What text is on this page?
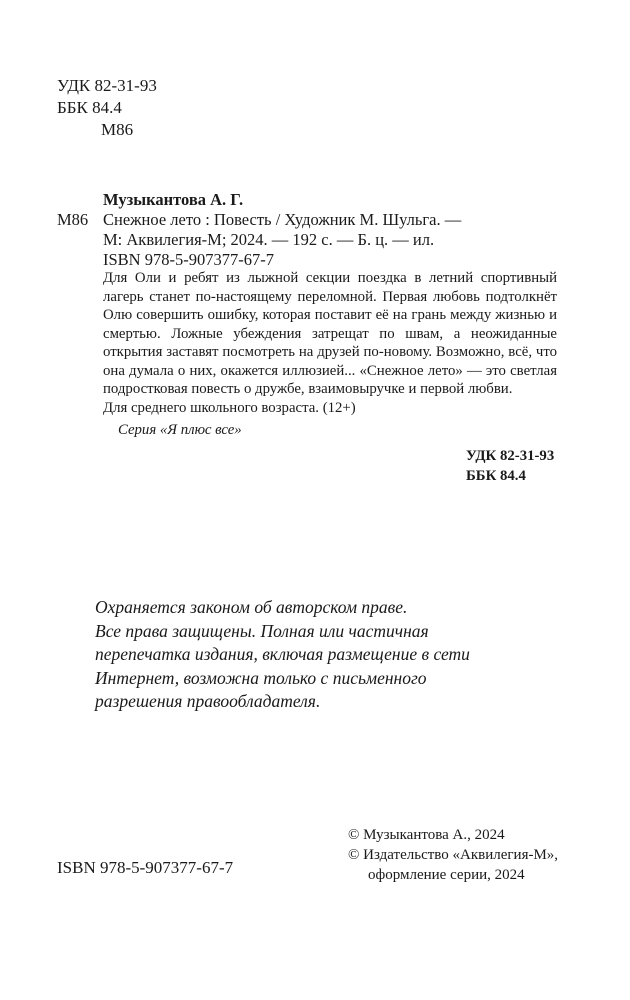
УДК 82-31-93
ББК 84.4
М86
Музыкантова А. Г.
М86 Снежное лето : Повесть / Художник М. Шульга. —
М: Аквилегия-М; 2024. — 192 с. — Б. ц. — ил.
ISBN 978-5-907377-67-7

Для Оли и ребят из лыжной секции поездка в летний спортивный лагерь станет по-настоящему переломной. Первая любовь подтолкнёт Олю совершить ошибку, которая поставит её на грань между жизнью и смертью. Ложные убеждения затрещат по швам, а неожиданные открытия заставят посмотреть на друзей по-новому. Возможно, всё, что она думала о них, окажется иллюзией... «Снежное лето» — это светлая подростковая повесть о дружбе, взаимовыручке и первой любви.

Для среднего школьного возраста. (12+)

Серия «Я плюс все»
УДК 82-31-93
ББК 84.4
Охраняется законом об авторском праве.
Все права защищены. Полная или частичная
перепечатка издания, включая размещение в сети
Интернет, возможна только с письменного
разрешения правообладателя.
ISBN 978-5-907377-67-7
© Музыкантова А., 2024
© Издательство «Аквилегия-М»,
оформление серии, 2024
